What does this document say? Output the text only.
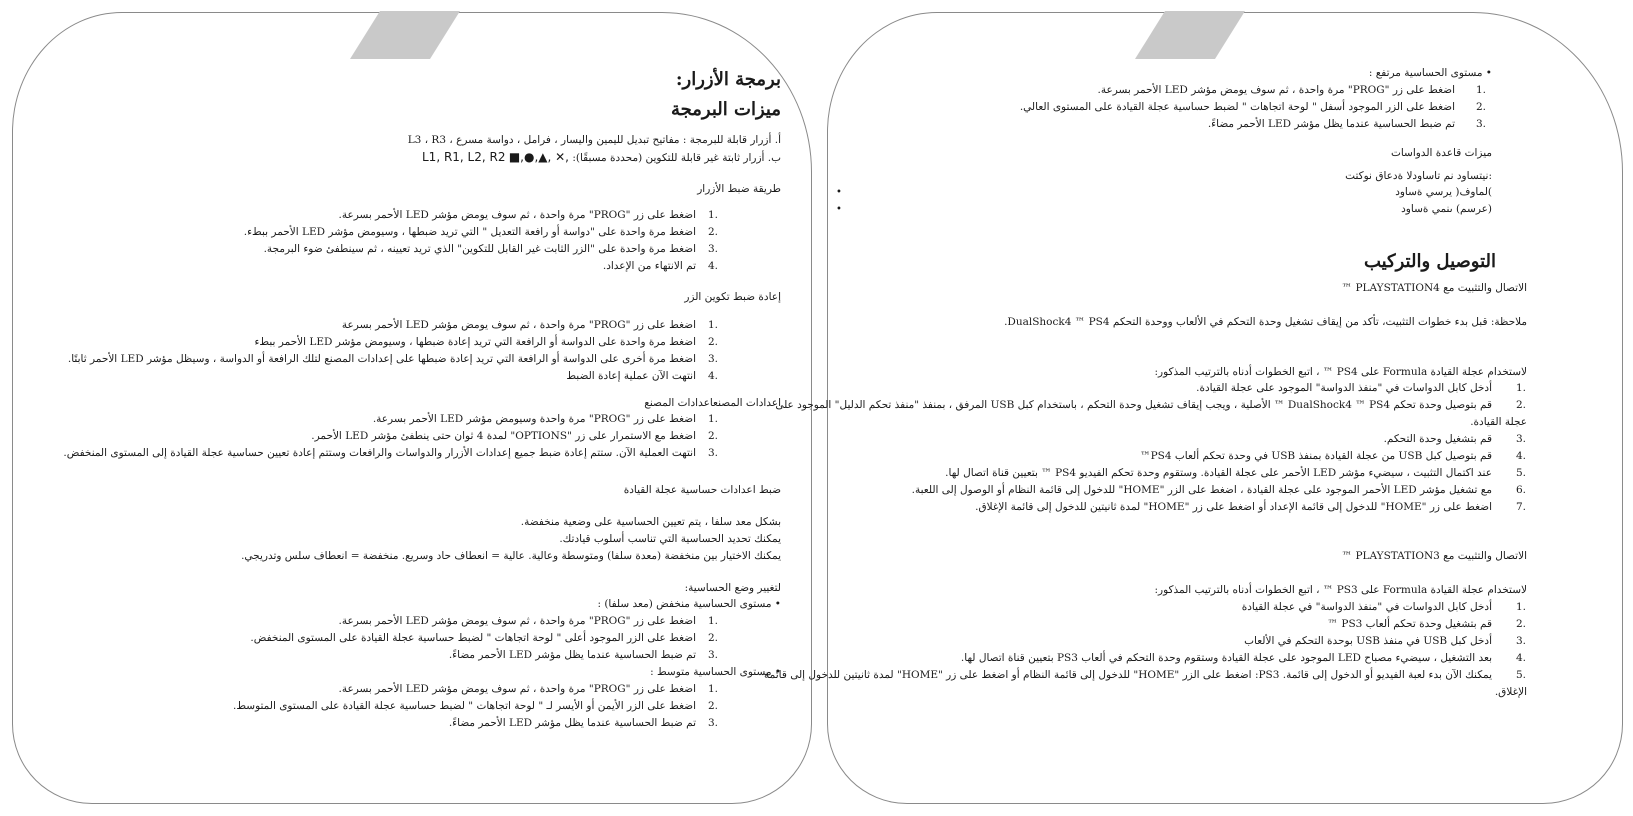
برمجة الأزرار:
ميزات البرمجة
أ. أزرار قابلة للبرمجة : مفاتيح تبديل لليمين واليسار ، فرامل ، دواسة مسرع ، L3 ، R3
ب. أزرار ثابتة غير قابلة للتكوين (محددة مسبقًا): L1, R1, L2, R2 ■,●,▲, ✕,
طريقة ضبط الأزرار
1.
اضغط على زر "PROG" مرة واحدة ، ثم سوف يومض مؤشر LED الأحمر بسرعة.
2.
اضغط مرة واحدة على "دواسة أو رافعة التعديل " التي تريد ضبطها ، وسيومض مؤشر LED الأحمر ببطء.
3.
اضغط مرة واحدة على "الزر الثابت غير القابل للتكوين" الذي تريد تعيينه ، ثم سينطفئ ضوء البرمجة.
4.
تم الانتهاء من الإعداد.
إعادة ضبط تكوين الزر
1.
اضغط على زر "PROG" مرة واحدة ، ثم سوف يومض مؤشر LED الأحمر بسرعة
2.
اضغط مرة واحدة على الدواسة أو الرافعة التي تريد إعادة ضبطها ، وسيومض مؤشر LED الأحمر ببطء
3.
اضغط مرة أخرى على الدواسة أو الرافعة التي تريد إعادة ضبطها على إعدادات المصنع لتلك الرافعة أو الدواسة ، وسيظل مؤشر LED الأحمر ثابتًا.
4.
انتهت الآن عملية إعادة الضبط
اعدادات المصنعاعدادات المصنع
1.
اضغط على زر "PROG" مرة واحدة وسيومض مؤشر LED الأحمر بسرعة.
2.
اضغط مع الاستمرار على زر "OPTIONS" لمدة 4 ثوان حتى ينطفئ مؤشر LED الأحمر.
3.
انتهت العملية الآن. ستتم إعادة ضبط جميع إعدادات الأزرار والدواسات والرافعات وستتم إعادة تعيين حساسية عجلة القيادة إلى المستوى المنخفض.
ضبط اعدادات حساسية عجلة القيادة
بشكل معد سلفا ، يتم تعيين الحساسية على وضعية منخفضة.
يمكنك تحديد الحساسية التي تناسب أسلوب قيادتك.
يمكنك الاختيار بين منخفضة (معدة سلفا) ومتوسطة وعالية. عالية = انعطاف حاد وسريع. منخفضة = انعطاف سلس وتدريجي.
لتغيير وضع الحساسية:
• مستوى الحساسية منخفض (معد سلفا) :
1.
اضغط على زر "PROG" مرة واحدة ، ثم سوف يومض مؤشر LED الأحمر بسرعة.
2.
اضغط على الزر الموجود أعلى " لوحة اتجاهات " لضبط حساسية عجلة القيادة على المستوى المنخفض.
3.
تم ضبط الحساسية عندما يظل مؤشر LED الأحمر مضاءً.
• مستوى الحساسية متوسط :
1.
اضغط على زر "PROG" مرة واحدة ، ثم سوف يومض مؤشر LED الأحمر بسرعة.
2.
اضغط على الزر الأيمن أو الأيسر لـ " لوحة اتجاهات " لضبط حساسية عجلة القيادة على المستوى المتوسط.
3.
تم ضبط الحساسية عندما يظل مؤشر LED الأحمر مضاءً.
• مستوى الحساسية مرتفع :
1.
اضغط على زر "PROG" مرة واحدة ، ثم سوف يومض مؤشر LED الأحمر بسرعة.
2.
اضغط على الزر الموجود أسفل " لوحة اتجاهات " لضبط حساسية عجلة القيادة على المستوى العالي.
3.
تم ضبط الحساسية عندما يظل مؤشر LED الأحمر مضاءً.
ميزات قاعدة الدواسات
:نيتساود نم تاساودلا ةدعاق نوكتت
)لماوف( يرسي ةساود
•
(عرسم) ىنمي ةساود
•
التوصيل والتركيب
الاتصال والتثبيت مع PLAYSTATION4 ™
ملاحظة: قبل بدء خطوات التثبيت، تأكد من إيقاف تشغيل وحدة التحكم في الألعاب ووحدة التحكم DualShock4 ™ PS4.
لاستخدام عجلة القيادة Formula على PS4 ™ ، اتبع الخطوات أدناه بالترتيب المذكور:
1.
أدخل كابل الدواسات في "منفذ الدواسة" الموجود على عجلة القيادة.
2.
قم بتوصيل وحدة تحكم DualShock4 ™ PS4 ™ الأصلية ، ويجب إيقاف تشغيل وحدة التحكم ، باستخدام كبل USB المرفق ، بمنفذ "منفذ تحكم الدليل" الموجود على
عجلة القيادة.
3.
قم بتشغيل وحدة التحكم.
4.
قم بتوصيل كبل USB من عجلة القيادة بمنفذ USB في وحدة تحكم ألعاب PS4™
5.
عند اكتمال التثبيت ، سيضيء مؤشر LED الأحمر على عجلة القيادة. وستقوم وحدة تحكم الفيديو PS4 ™ بتعيين قناة اتصال لها.
6.
مع تشغيل مؤشر LED الأحمر الموجود على عجلة القيادة ، اضغط على الزر "HOME" للدخول إلى قائمة النظام أو الوصول إلى اللعبة.
7.
اضغط على زر "HOME" للدخول إلى قائمة الإعداد أو اضغط على زر "HOME" لمدة ثانيتين للدخول إلى قائمة الإغلاق.
الاتصال والتثبيت مع PLAYSTATION3 ™
لاستخدام عجلة القيادة Formula على PS3 ™ ، اتبع الخطوات أدناه بالترتيب المذكور:
1.
أدخل كابل الدواسات في "منفذ الدواسة" في عجلة القيادة
2.
قم بتشغيل وحدة تحكم ألعاب PS3 ™
3.
أدخل كبل USB في منفذ USB بوحدة التحكم في الألعاب
4.
بعد التشغيل ، سيضيء مصباح LED الموجود على عجلة القيادة وستقوم وحدة التحكم في ألعاب PS3 بتعيين قناة اتصال لها.
5.
يمكنك الآن بدء لعبة الفيديو أو الدخول إلى قائمة. PS3: اضغط على الزر "HOME" للدخول إلى قائمة النظام أو اضغط على زر "HOME" لمدة ثانيتين للدخول إلى قائمة
الإغلاق.
